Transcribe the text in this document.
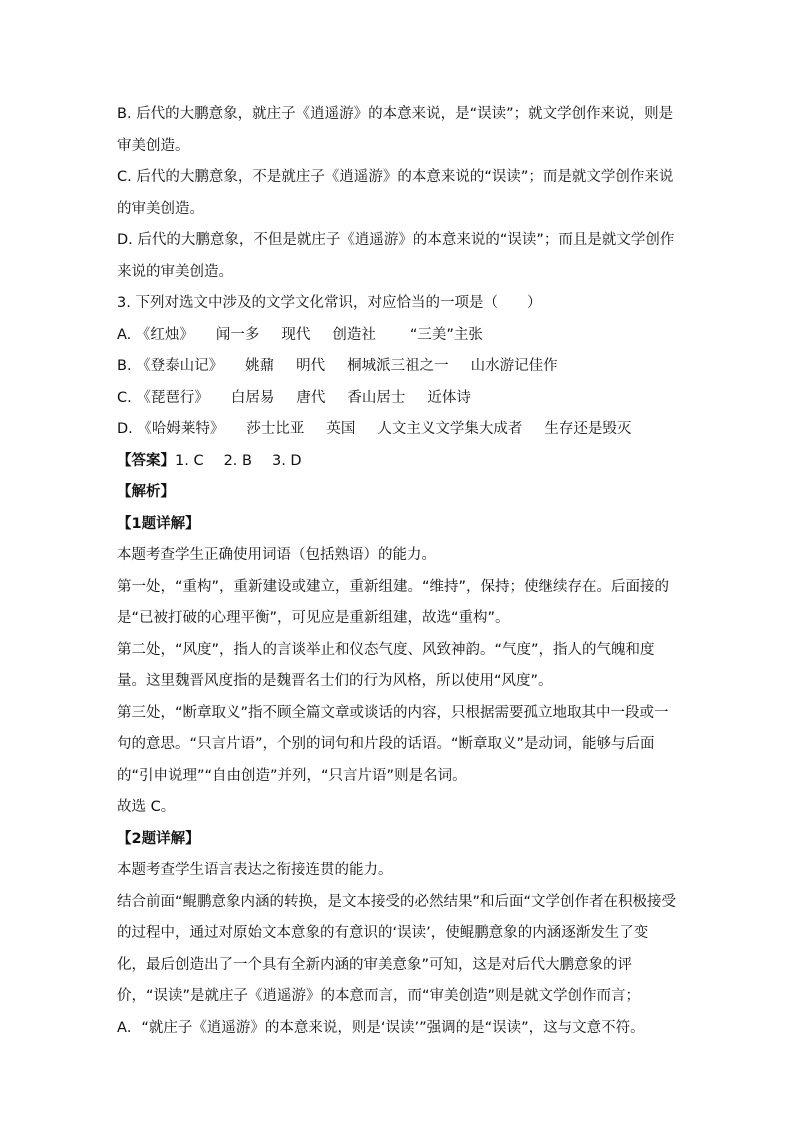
B. 后代的大鹏意象，就庄子《逍遥游》的本意来说，是“误读”；就文学创作来说，则是审美创造。

C. 后代的大鹏意象，不是就庄子《逍遥游》的本意来说的“误读”；而是就文学创作来说的审美创造。

D. 后代的大鹏意象，不但是就庄子《逍遥游》的本意来说的“误读”；而且是就文学创作来说的审美创造。

3. 下列对选文中涉及的文学文化常识，对应恰当的一项是（　　）

A. 《红烛》 闻一多 现代 创造社 “三美”主张

B. 《登泰山记》 姚鼐 明代 桐城派三祖之一 山水游记佳作

C. 《琵琶行》 白居易 唐代 香山居士 近体诗

D. 《哈姆莱特》 莎士比亚 英国 人文主义文学集大成者 生存还是毁灭

【答案】1. C 2. B 3. D

【解析】

【1题详解】

本题考查学生正确使用词语（包括熟语）的能力。

第一处，“重构”，重新建设或建立，重新组建。“维持”，保持；使继续存在。后面接的是“已被打破的心理平衡”，可见应是重新组建，故选“重构”。

第二处，“风度”，指人的言谈举止和仪态气度、风致神韵。“气度”，指人的气魄和度量。这里魏晋风度指的是魏晋名士们的行为风格，所以使用“风度”。

第三处，“断章取义”指不顾全篇文章或谈话的内容，只根据需要孤立地取其中一段或一句的意思。“只言片语”，个别的词句和片段的话语。“断章取义”是动词，能够与后面的“引申说理”“自由创造”并列，“只言片语”则是名词。

故选 C。

【2题详解】

本题考查学生语言表达之衔接连贯的能力。

结合前面“鲲鹏意象内涵的转换，是文本接受的必然结果”和后面“文学创作者在积极接受的过程中，通过对原始文本意象的有意识的‘误读’，使鲲鹏意象的内涵逐渐发生了变化，最后创造出了一个具有全新内涵的审美意象”可知，这是对后代大鹏意象的评价，“误读”是就庄子《逍遥游》的本意而言，而“审美创造”则是就文学创作而言；

A．“就庄子《逍遥游》的本意来说，则是‘误读’”强调的是“误读”，这与文意不符。
